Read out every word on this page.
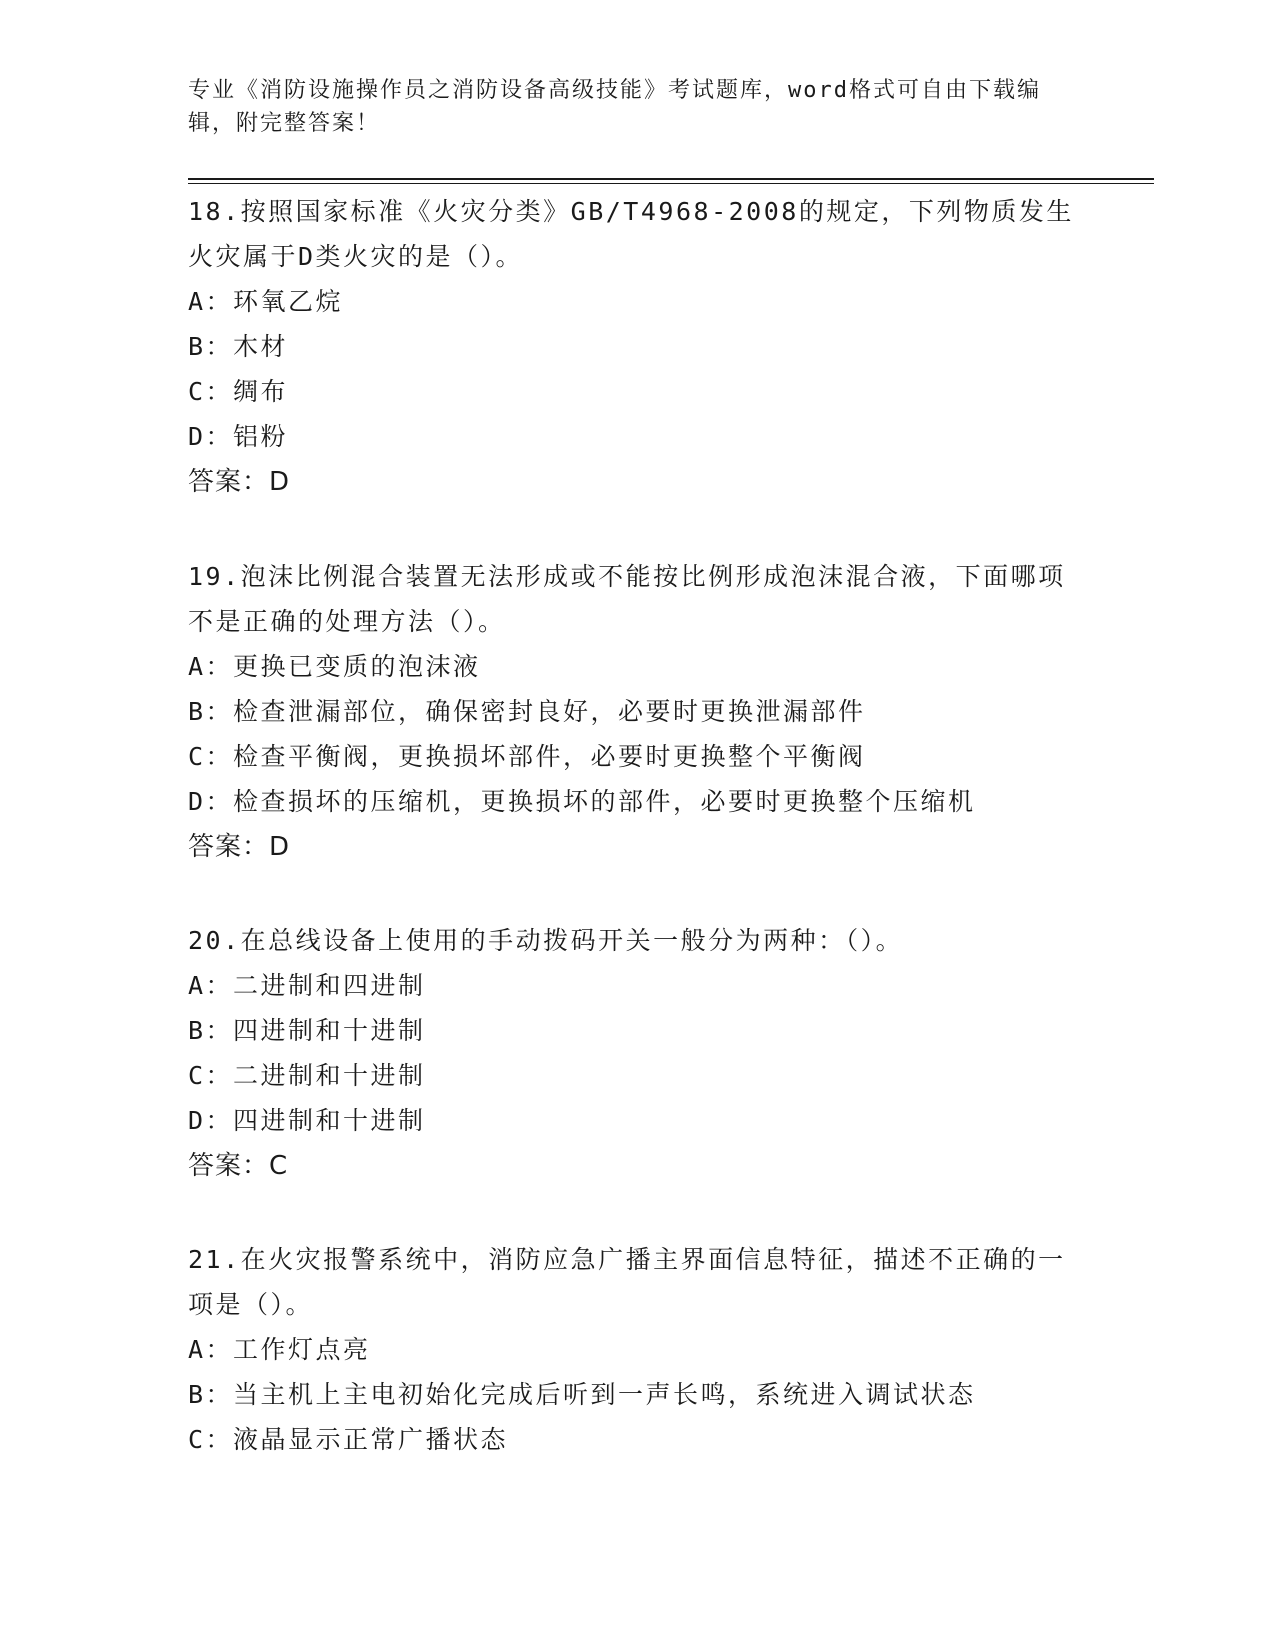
专业《消防设施操作员之消防设备高级技能》考试题库，word格式可自由下载编辑，附完整答案！
18.按照国家标准《火灾分类》GB/T4968-2008的规定，下列物质发生火灾属于D类火灾的是（）。
A：环氧乙烷
B：木材
C：绸布
D：铝粉
答案：D
19.泡沫比例混合装置无法形成或不能按比例形成泡沫混合液，下面哪项不是正确的处理方法（）。
A：更换已变质的泡沫液
B：检查泄漏部位，确保密封良好，必要时更换泄漏部件
C：检查平衡阀，更换损坏部件，必要时更换整个平衡阀
D：检查损坏的压缩机，更换损坏的部件，必要时更换整个压缩机
答案：D
20.在总线设备上使用的手动拨码开关一般分为两种：（）。
A：二进制和四进制
B：四进制和十进制
C：二进制和十进制
D：四进制和十进制
答案：C
21.在火灾报警系统中，消防应急广播主界面信息特征，描述不正确的一项是（）。
A：工作灯点亮
B：当主机上主电初始化完成后听到一声长鸣，系统进入调试状态
C：液晶显示正常广播状态
